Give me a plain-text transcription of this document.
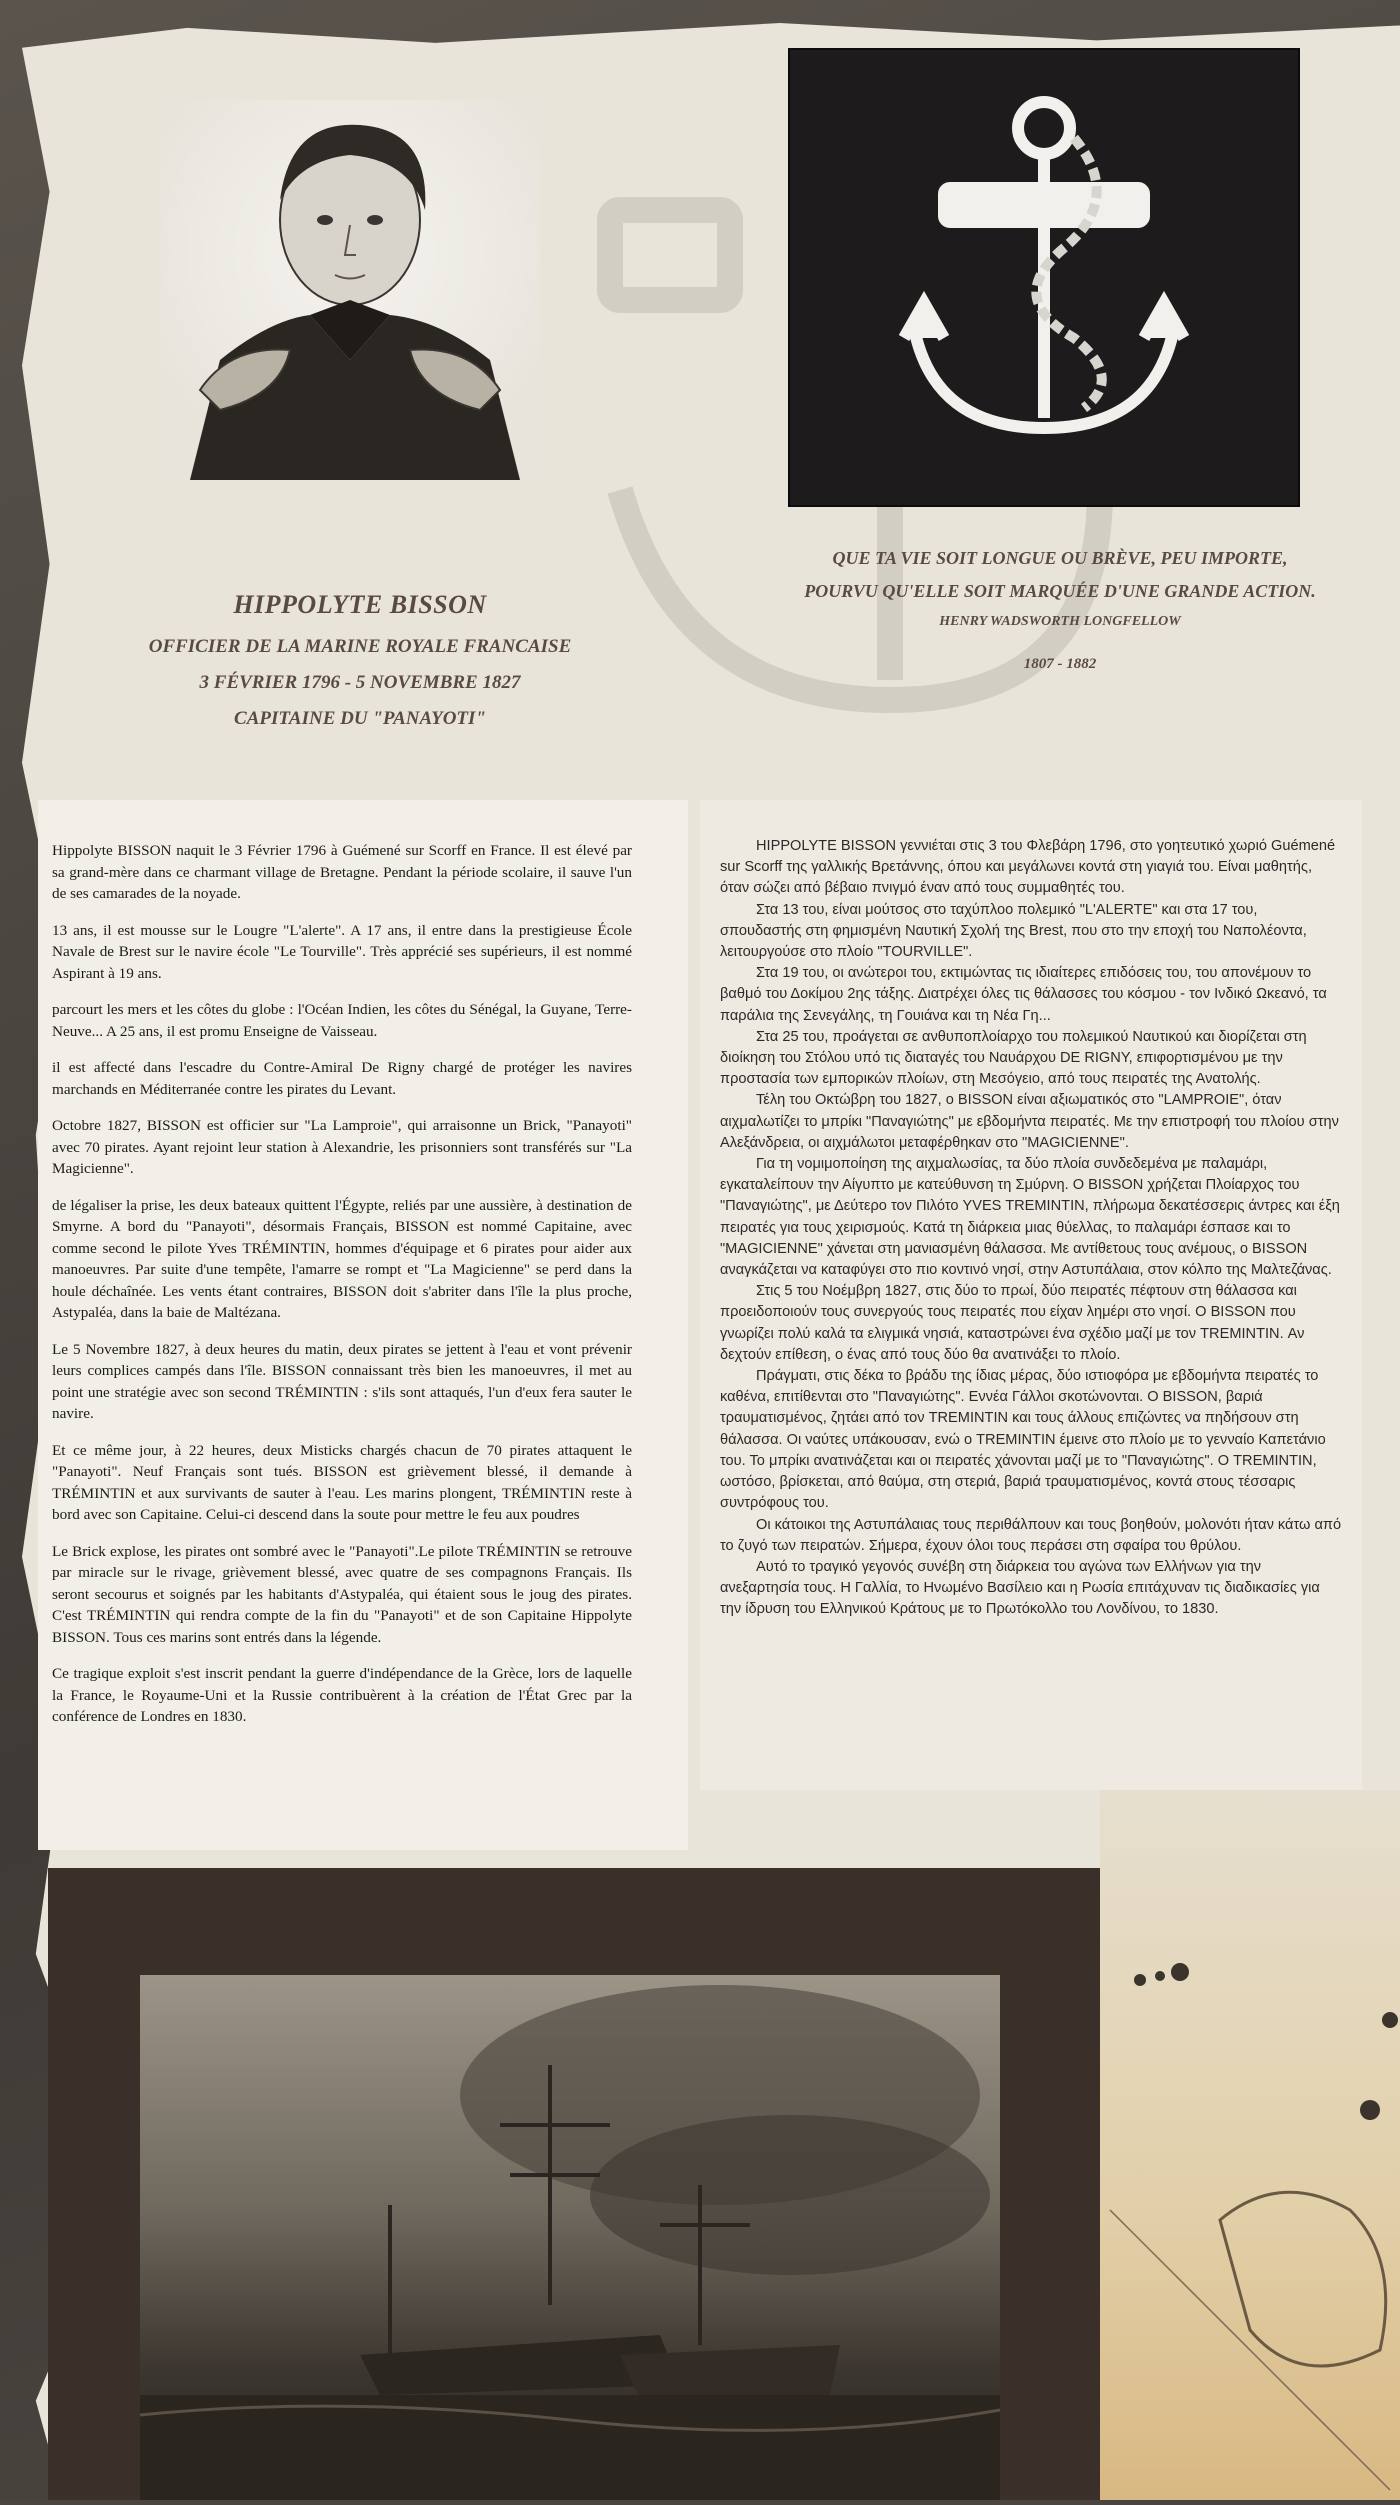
HIPPOLYTE BISSON
OFFICIER DE LA MARINE ROYALE FRANCAISE
3 FÉVRIER 1796 - 5 NOVEMBRE 1827
CAPITAINE DU "PANAYOTI"
QUE TA VIE SOIT LONGUE OU BRÈVE, PEU IMPORTE,
POURVU QU'ELLE SOIT MARQUÉE D'UNE GRANDE ACTION.
HENRY WADSWORTH LONGFELLOW
1807 - 1882

Hippolyte BISSON naquit le 3 Février 1796 à Guémené sur Scorff en France. Il est élevé par sa grand-mère dans ce charmant village de Bretagne. Pendant la période scolaire, il sauve l'un de ses camarades de la noyade.

13 ans, il est mousse sur le Lougre "L'alerte". A 17 ans, il entre dans la prestigieuse École Navale de Brest sur le navire école "Le Tourville". Très apprécié ses supérieurs, il est nommé Aspirant à 19 ans.

parcourt les mers et les côtes du globe : l'Océan Indien, les côtes du Sénégal, la Guyane, Terre-Neuve... A 25 ans, il est promu Enseigne de Vaisseau.

il est affecté dans l'escadre du Contre-Amiral De Rigny chargé de protéger les navires marchands en Méditerranée contre les pirates du Levant.

Octobre 1827, BISSON est officier sur "La Lamproie", qui arraisonne un Brick, "Panayoti" avec 70 pirates. Ayant rejoint leur station à Alexandrie, les prisonniers sont transférés sur "La Magicienne".

de légaliser la prise, les deux bateaux quittent l'Égypte, reliés par une aussière, à destination de Smyrne. A bord du "Panayoti", désormais Français, BISSON est nommé Capitaine, avec comme second le pilote Yves TRÉMINTIN, hommes d'équipage et 6 pirates pour aider aux manoeuvres. Par suite d'une tempête, l'amarre se rompt et "La Magicienne" se perd dans la houle déchaînée. Les vents étant contraires, BISSON doit s'abriter dans l'île la plus proche, Astypaléa, dans la baie de Maltézana.

Le 5 Novembre 1827, à deux heures du matin, deux pirates se jettent à l'eau et vont prévenir leurs complices campés dans l'île. BISSON connaissant très bien les manoeuvres, il met au point une stratégie avec son second TRÉMINTIN : s'ils sont attaqués, l'un d'eux fera sauter le navire.

Et ce même jour, à 22 heures, deux Misticks chargés chacun de 70 pirates attaquent le "Panayoti". Neuf Français sont tués. BISSON est grièvement blessé, il demande à TRÉMINTIN et aux survivants de sauter à l'eau. Les marins plongent, TRÉMINTIN reste à bord avec son Capitaine. Celui-ci descend dans la soute pour mettre le feu aux poudres

Le Brick explose, les pirates ont sombré avec le "Panayoti".Le pilote TRÉMINTIN se retrouve par miracle sur le rivage, grièvement blessé, avec quatre de ses compagnons Français. Ils seront secourus et soignés par les habitants d'Astypaléa, qui étaient sous le joug des pirates. C'est TRÉMINTIN qui rendra compte de la fin du "Panayoti" et de son Capitaine Hippolyte BISSON. Tous ces marins sont entrés dans la légende.

Ce tragique exploit s'est inscrit pendant la guerre d'indépendance de la Grèce, lors de laquelle la France, le Royaume-Uni et la Russie contribuèrent à la création de l'État Grec par la conférence de Londres en 1830.

HIPPOLYTE BISSON γεννιέται στις 3 του Φλεβάρη 1796, στο γοητευτικό χωριό Guémené sur Scorff της γαλλικής Βρετάννης, όπου και μεγάλωνει κοντά στη γιαγιά του. Είναι μαθητής, όταν σώζει από βέβαιο πνιγμό έναν από τους συμμαθητές του.

Στα 13 του, είναι μούτσος στο ταχύπλοο πολεμικό "L'ALERTE" και στα 17 του, σπουδαστής στη φημισμένη Ναυτική Σχολή της Brest, που στο την εποχή του Ναπολέοντα, λειτουργούσε στο πλοίο "TOURVILLE".

Στα 19 του, οι ανώτεροι του, εκτιμώντας τις ιδιαίτερες επιδόσεις του, του απονέμουν το βαθμό του Δοκίμου 2ης τάξης. Διατρέχει όλες τις θάλασσες του κόσμου - τον Ινδικό Ωκεανό, τα παράλια της Σενεγάλης, τη Γουιάνα και τη Νέα Γη...

Στα 25 του, προάγεται σε ανθυποπλοίαρχο του πολεμικού Ναυτικού και διορίζεται στη διοίκηση του Στόλου υπό τις διαταγές του Ναυάρχου DE RIGNY, επιφορτισμένου με την προστασία των εμπορικών πλοίων, στη Μεσόγειο, από τους πειρατές της Ανατολής.

Τέλη του Οκτώβρη του 1827, ο BISSON είναι αξιωματικός στο "LAMPROIE", όταν αιχμαλωτίζει το μπρίκι "Παναγιώτης" με εβδομήντα πειρατές. Με την επιστροφή του πλοίου στην Αλεξάνδρεια, οι αιχμάλωτοι μεταφέρθηκαν στο "MAGICIENNE".

Για τη νομιμοποίηση της αιχμαλωσίας, τα δύο πλοία συνδεδεμένα με παλαμάρι, εγκαταλείπουν την Αίγυπτο με κατεύθυνση τη Σμύρνη. Ο BISSON χρήζεται Πλοίαρχος του "Παναγιώτης", με Δεύτερο τον Πιλότο YVES TREMINTIN, πλήρωμα δεκατέσσερις άντρες και έξη πειρατές για τους χειρισμούς. Κατά τη διάρκεια μιας θύελλας, το παλαμάρι έσπασε και το "MAGICIENNE" χάνεται στη μανιασμένη θάλασσα. Με αντίθετους τους ανέμους, ο BISSON αναγκάζεται να καταφύγει στο πιο κοντινό νησί, στην Αστυπάλαια, στον κόλπο της Μαλτεζάνας.

Στις 5 του Νοέμβρη 1827, στις δύο το πρωί, δύο πειρατές πέφτουν στη θάλασσα και προειδοποιούν τους συνεργούς τους πειρατές που είχαν λημέρι στο νησί. Ο BISSON που γνωρίζει πολύ καλά τα ελιγμικά νησιά, καταστρώνει ένα σχέδιο μαζί με τον TREMINTIN. Αν δεχτούν επίθεση, ο ένας από τους δύο θα ανατινάξει το πλοίο.

Πράγματι, στις δέκα το βράδυ της ίδιας μέρας, δύο ιστιοφόρα με εβδομήντα πειρατές το καθένα, επιτίθενται στο "Παναγιώτης". Εννέα Γάλλοι σκοτώνονται. Ο BISSON, βαριά τραυματισμένος, ζητάει από τον TREMINTIN και τους άλλους επιζώντες να πηδήσουν στη θάλασσα. Οι ναύτες υπάκουσαν, ενώ ο TREMINTIN έμεινε στο πλοίο με το γενναίο Καπετάνιο του. Το μπρίκι ανατινάζεται και οι πειρατές χάνονται μαζί με το "Παναγιώτης". Ο TREMINTIN, ωστόσο, βρίσκεται, από θαύμα, στη στεριά, βαριά τραυματισμένος, κοντά στους τέσσαρις συντρόφους του.

Οι κάτοικοι της Αστυπάλαιας τους περιθάλπουν και τους βοηθούν, μολονότι ήταν κάτω από το ζυγό των πειρατών. Σήμερα, έχουν όλοι τους περάσει στη σφαίρα του θρύλου.

Αυτό το τραγικό γεγονός συνέβη στη διάρκεια του αγώνα των Ελλήνων για την ανεξαρτησία τους. Η Γαλλία, το Ηνωμένο Βασίλειο και η Ρωσία επιτάχυναν τις διαδικασίες για την ίδρυση του Ελληνικού Κράτους με το Πρωτόκολλο του Λονδίνου, το 1830.
